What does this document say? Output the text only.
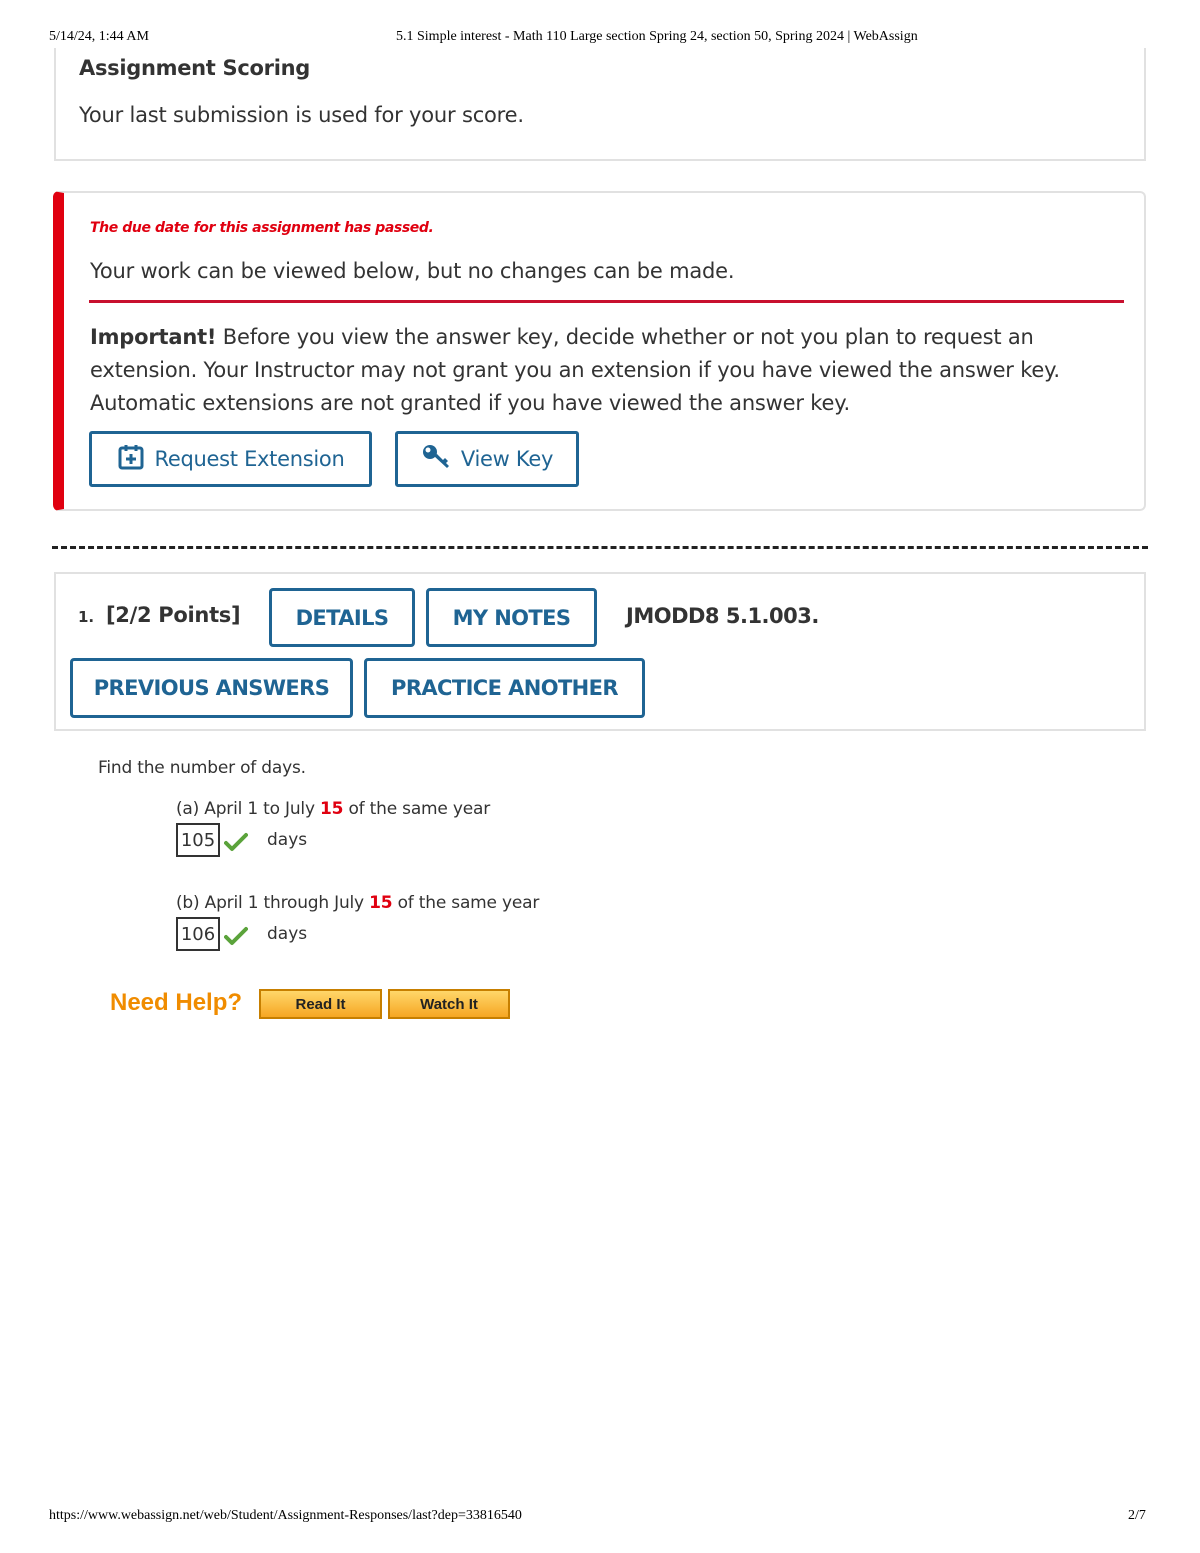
5/14/24, 1:44 AM	5.1 Simple interest - Math 110 Large section Spring 24, section 50, Spring 2024 | WebAssign
Assignment Scoring
Your last submission is used for your score.
The due date for this assignment has passed.
Your work can be viewed below, but no changes can be made.
Important! Before you view the answer key, decide whether or not you plan to request an extension. Your Instructor may not grant you an extension if you have viewed the answer key. Automatic extensions are not granted if you have viewed the answer key.
Request Extension	View Key
1. [2/2 Points]	DETAILS	MY NOTES	JMODD8 5.1.003.
PREVIOUS ANSWERS	PRACTICE ANOTHER
Find the number of days.
(a) April 1 to July 15 of the same year
105	days
(b) April 1 through July 15 of the same year
106	days
Need Help?	Read It	Watch It
https://www.webassign.net/web/Student/Assignment-Responses/last?dep=33816540	2/7
